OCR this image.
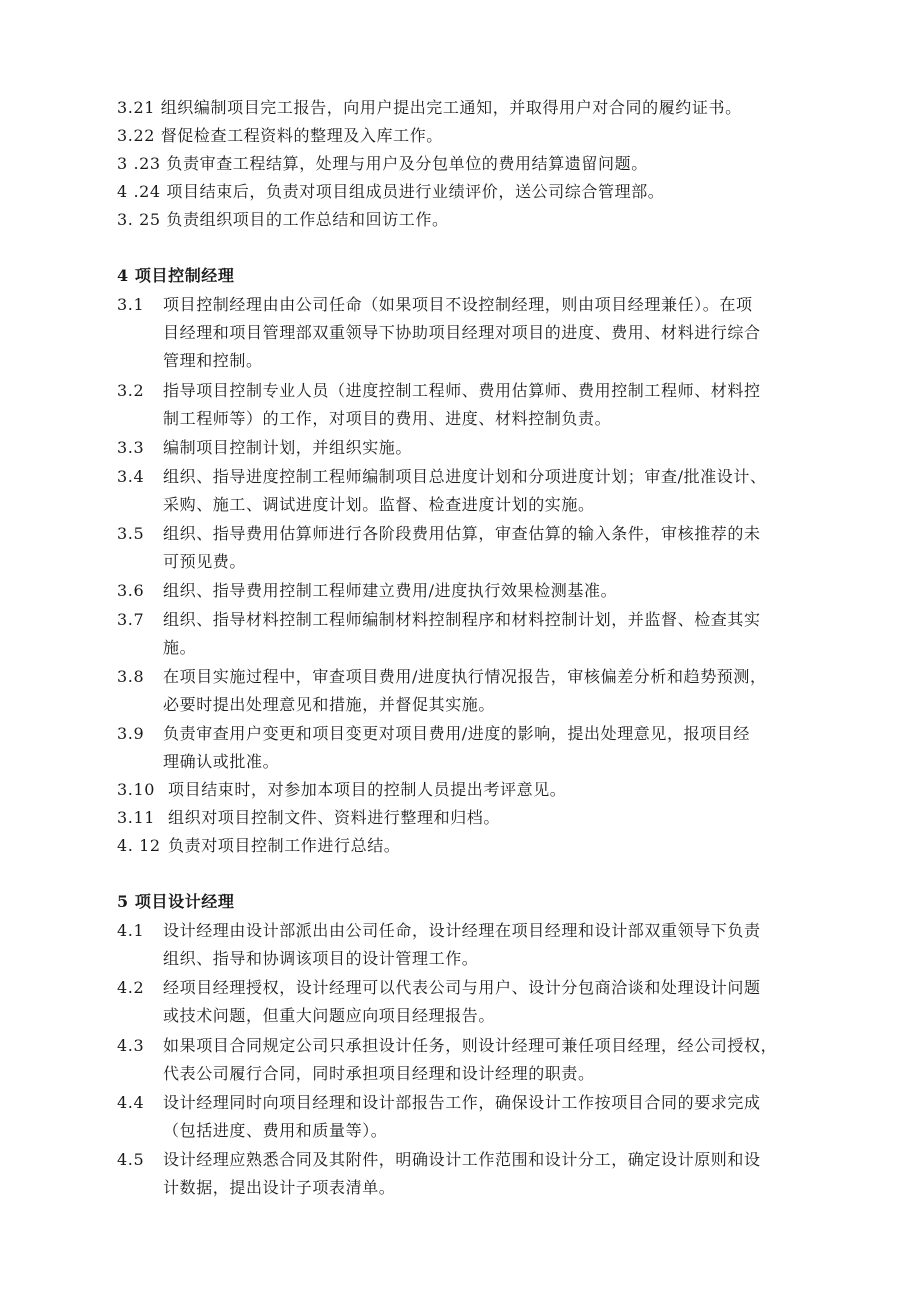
3.21 组织编制项目完工报告，向用户提出完工通知，并取得用户对合同的履约证书。
3.22 督促检查工程资料的整理及入库工作。
3 .23 负责审查工程结算，处理与用户及分包单位的费用结算遗留问题。
4 .24 项目结束后，负责对项目组成员进行业绩评价，送公司综合管理部。
3. 25 负责组织项目的工作总结和回访工作。
4 项目控制经理
3.1 项目控制经理由由公司任命（如果项目不设控制经理，则由项目经理兼任）。在项
目经理和项目管理部双重领导下协助项目经理对项目的进度、费用、材料进行综合
管理和控制。
3.2 指导项目控制专业人员（进度控制工程师、费用估算师、费用控制工程师、材料控
制工程师等）的工作，对项目的费用、进度、材料控制负责。
3.3 编制项目控制计划，并组织实施。
3.4 组织、指导进度控制工程师编制项目总进度计划和分项进度计划；审查/批准设计、
采购、施工、调试进度计划。监督、检查进度计划的实施。
3.5 组织、指导费用估算师进行各阶段费用估算，审查估算的输入条件，审核推荐的未
可预见费。
3.6 组织、指导费用控制工程师建立费用/进度执行效果检测基准。
3.7 组织、指导材料控制工程师编制材料控制程序和材料控制计划，并监督、检查其实
施。
3.8 在项目实施过程中，审查项目费用/进度执行情况报告，审核偏差分析和趋势预测，
必要时提出处理意见和措施，并督促其实施。
3.9 负责审查用户变更和项目变更对项目费用/进度的影响，提出处理意见，报项目经
理确认或批准。
3.10 项目结束时，对参加本项目的控制人员提出考评意见。
3.11 组织对项目控制文件、资料进行整理和归档。
4. 12 负责对项目控制工作进行总结。
5 项目设计经理
4.1 设计经理由设计部派出由公司任命，设计经理在项目经理和设计部双重领导下负责
组织、指导和协调该项目的设计管理工作。
4.2 经项目经理授权，设计经理可以代表公司与用户、设计分包商洽谈和处理设计问题
或技术问题，但重大问题应向项目经理报告。
4.3 如果项目合同规定公司只承担设计任务，则设计经理可兼任项目经理，经公司授权，
代表公司履行合同，同时承担项目经理和设计经理的职责。
4.4 设计经理同时向项目经理和设计部报告工作，确保设计工作按项目合同的要求完成
（包括进度、费用和质量等）。
4.5 设计经理应熟悉合同及其附件，明确设计工作范围和设计分工，确定设计原则和设
计数据，提出设计子项表清单。
